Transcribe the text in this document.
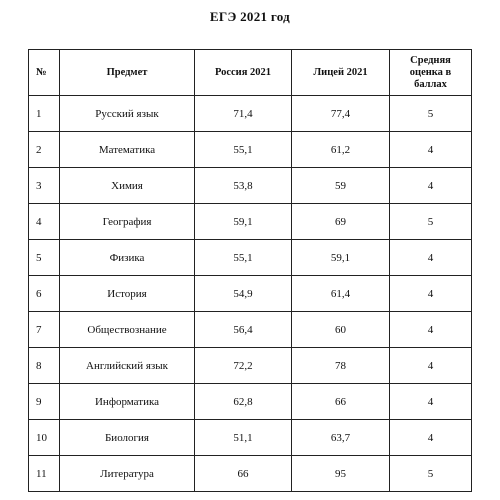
ЕГЭ 2021 год
№	Предмет	Россия 2021	Лицей 2021	Средняя оценка в баллах
1	Русский язык	71,4	77,4	5
2	Математика	55,1	61,2	4
3	Химия	53,8	59	4
4	География	59,1	69	5
5	Физика	55,1	59,1	4
6	История	54,9	61,4	4
7	Обществознание	56,4	60	4
8	Английский язык	72,2	78	4
9	Информатика	62,8	66	4
10	Биология	51,1	63,7	4
11	Литература	66	95	5
